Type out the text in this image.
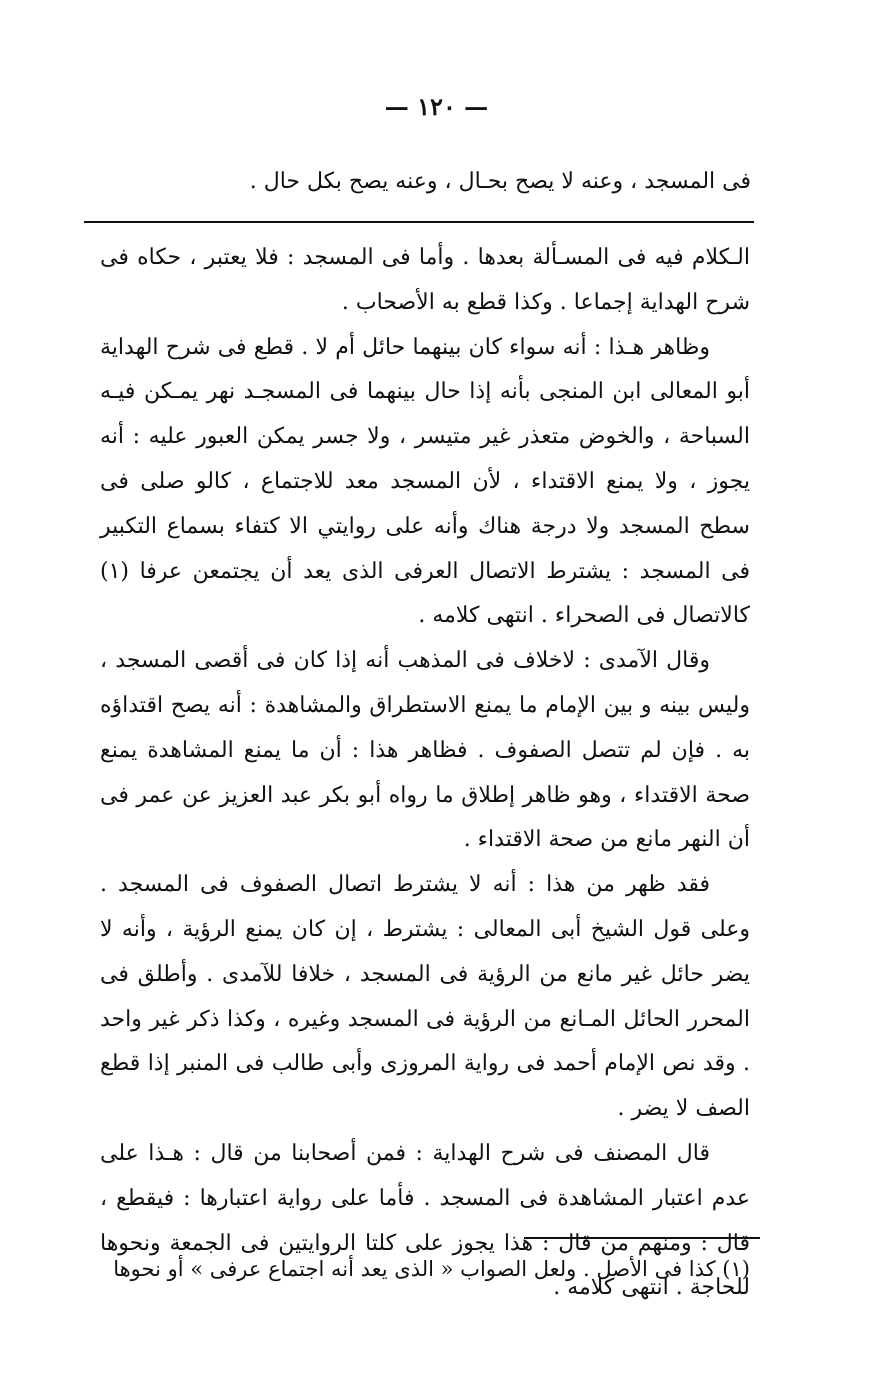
— ١٢٠ —
فى المسجد ، وعنه لا يصح بحـال ، وعنه يصح بكل حال .

الـكلام فيه فى المسـألة بعدها . وأما فى المسجد : فلا يعتبر ، حكاه فى شرح الهداية إجماعا . وكذا قطع به الأصحاب .

وظاهر هـذا : أنه سواء كان بينهما حائل أم لا . قطع فى شرح الهداية أبو المعالى ابن المنجى بأنه إذا حال بينهما فى المسجـد نهر يمـكن فيـه السباحة ، والخوض متعذر غير متيسر ، ولا جسر يمكن العبور عليه : أنه يجوز ، ولا يمنع الاقتداء ، لأن المسجد معد للاجتماع ، كالو صلى فى سطح المسجد ولا درجة هناك وأنه على روايتي الا كتفاء بسماع التكبير فى المسجد : يشترط الاتصال العرفى الذى يعد أن يجتمعن عرفا (١) كالاتصال فى الصحراء . انتهى كلامه .

وقال الآمدى : لاخلاف فى المذهب أنه إذا كان فى أقصى المسجد ، وليس بينه و بين الإمام ما يمنع الاستطراق والمشاهدة : أنه يصح اقتداؤه به . فإن لم تتصل الصفوف . فظاهر هذا : أن ما يمنع المشاهدة يمنع صحة الاقتداء ، وهو ظاهر إطلاق ما رواه أبو بكر عبد العزيز عن عمر فى أن النهر مانع من صحة الاقتداء .

فقد ظهر من هذا : أنه لا يشترط اتصال الصفوف فى المسجد . وعلى قول الشيخ أبى المعالى : يشترط ، إن كان يمنع الرؤية ، وأنه لا يضر حائل غير مانع من الرؤية فى المسجد ، خلافا للآمدى . وأطلق فى المحرر الحائل المـانع من الرؤية فى المسجد وغيره ، وكذا ذكر غير واحد . وقد نص الإمام أحمد فى رواية المروزى وأبى طالب فى المنبر إذا قطع الصف لا يضر .

قال المصنف فى شرح الهداية : فمن أصحابنا من قال : هـذا على عدم اعتبار المشاهدة فى المسجد . فأما على رواية اعتبارها : فيقطع ، قال : ومنهم من قال : هذا يجوز على كلتا الروايتين فى الجمعة ونحوها للحاجة . انتهى كلامه .

(١) كذا فى الأصل . ولعل الصواب « الذى يعد أنه اجتماع عرفى » أو نحوها
